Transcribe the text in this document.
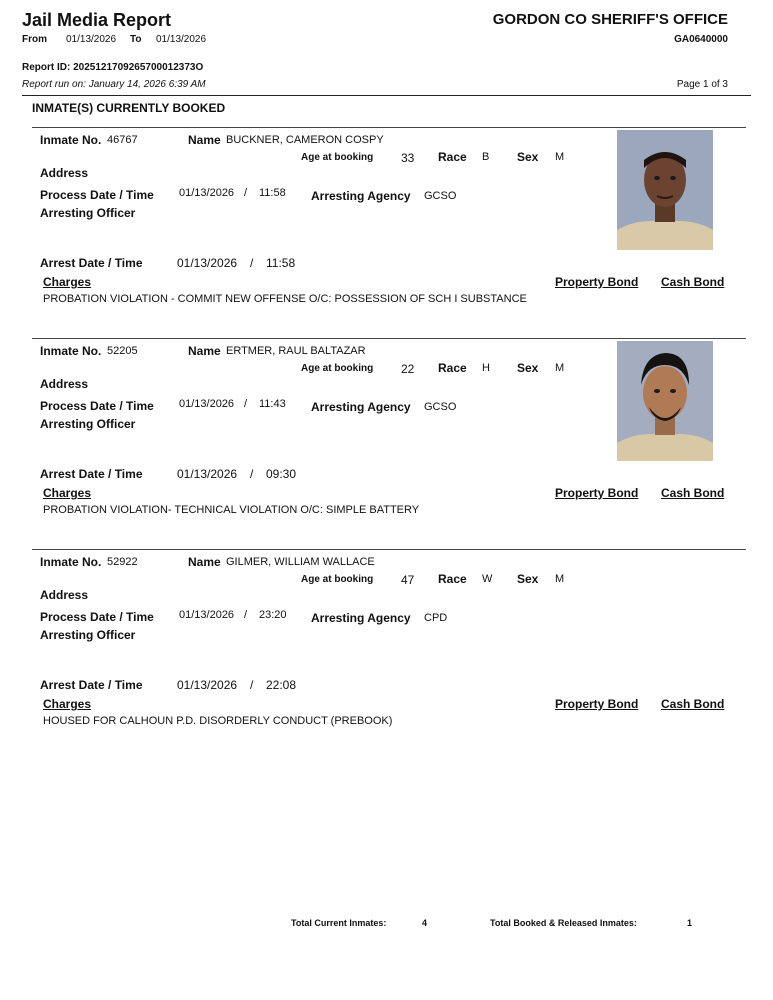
Jail Media Report
From 01/13/2026 To 01/13/2026
GORDON CO SHERIFF'S OFFICE
GA0640000
Report ID: 2025121709265700012373O
Report run on: January 14, 2026 6:39 AM	Page 1 of 3
INMATE(S) CURRENTLY BOOKED
Inmate No. 46767	Name BUCKNER, CAMERON COSPY
Age at booking 33 Race B Sex M
Address
Process Date / Time 01/13/2026 / 11:58 Arresting Agency GCSO
Arresting Officer
Arrest Date / Time	01/13/2026 / 11:58
Charges	Property Bond Cash Bond
PROBATION VIOLATION - COMMIT NEW OFFENSE O/C: POSSESSION OF SCH I SUBSTANCE
Inmate No. 52205	Name ERTMER, RAUL BALTAZAR
Age at booking 22 Race H Sex M
Address
Process Date / Time 01/13/2026 / 11:43 Arresting Agency GCSO
Arresting Officer
Arrest Date / Time	01/13/2026 / 09:30
Charges	Property Bond Cash Bond
PROBATION VIOLATION- TECHNICAL VIOLATION O/C: SIMPLE BATTERY
Inmate No. 52922	Name GILMER, WILLIAM WALLACE
Age at booking 47 Race W Sex M
Address
Process Date / Time 01/13/2026 / 23:20 Arresting Agency CPD
Arresting Officer
Arrest Date / Time	01/13/2026 / 22:08
Charges	Property Bond Cash Bond
HOUSED FOR CALHOUN P.D. DISORDERLY CONDUCT (PREBOOK)
Total Current Inmates:	4	Total Booked & Released Inmates:	1
